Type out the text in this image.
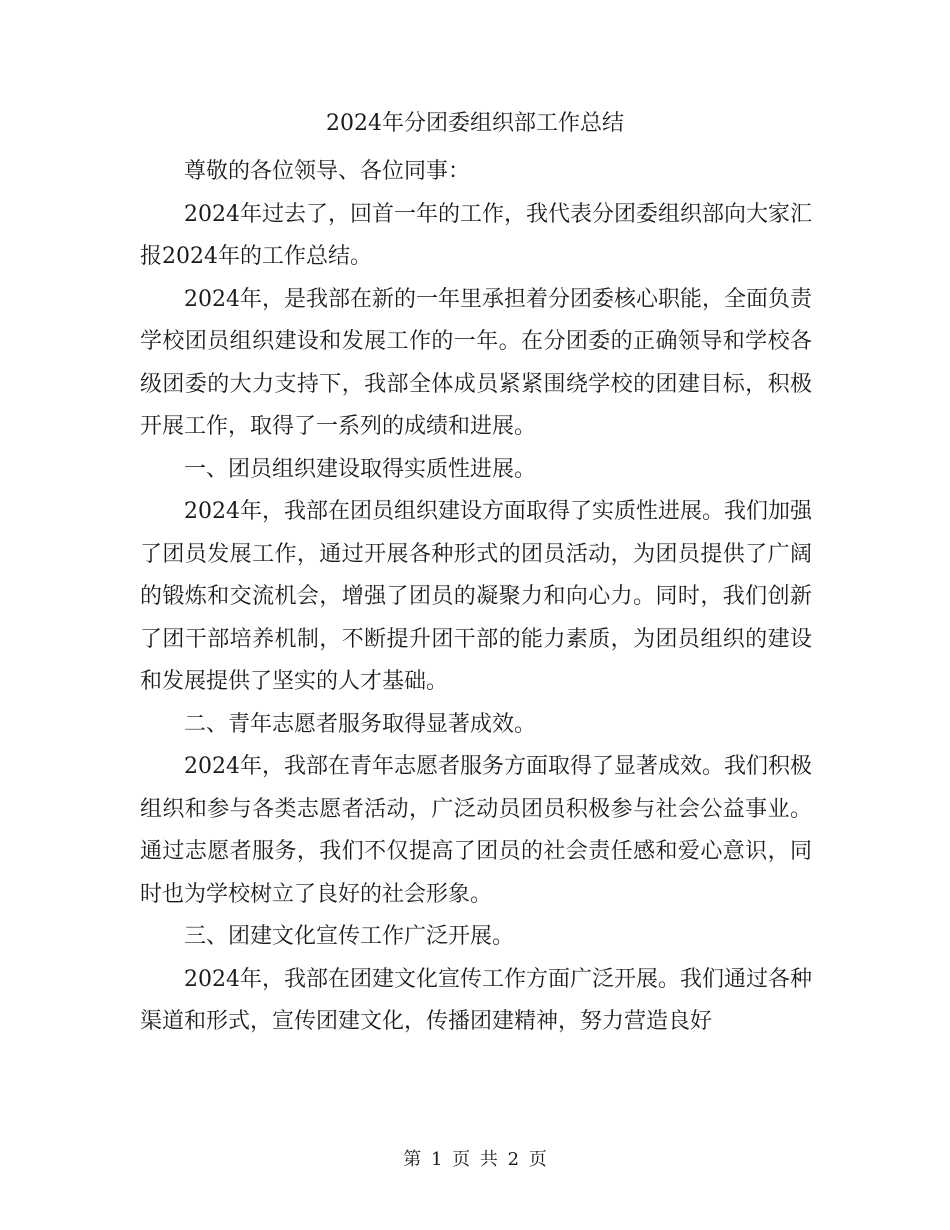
2024年分团委组织部工作总结

尊敬的各位领导、各位同事：

2024年过去了，回首一年的工作，我代表分团委组织部向大家汇报2024年的工作总结。

2024年，是我部在新的一年里承担着分团委核心职能，全面负责学校团员组织建设和发展工作的一年。在分团委的正确领导和学校各级团委的大力支持下，我部全体成员紧紧围绕学校的团建目标，积极开展工作，取得了一系列的成绩和进展。

一、团员组织建设取得实质性进展。

2024年，我部在团员组织建设方面取得了实质性进展。我们加强了团员发展工作，通过开展各种形式的团员活动，为团员提供了广阔的锻炼和交流机会，增强了团员的凝聚力和向心力。同时，我们创新了团干部培养机制，不断提升团干部的能力素质，为团员组织的建设和发展提供了坚实的人才基础。

二、青年志愿者服务取得显著成效。

2024年，我部在青年志愿者服务方面取得了显著成效。我们积极组织和参与各类志愿者活动，广泛动员团员积极参与社会公益事业。通过志愿者服务，我们不仅提高了团员的社会责任感和爱心意识，同时也为学校树立了良好的社会形象。

三、团建文化宣传工作广泛开展。

2024年，我部在团建文化宣传工作方面广泛开展。我们通过各种渠道和形式，宣传团建文化，传播团建精神，努力营造良好

第 1 页 共 2 页
